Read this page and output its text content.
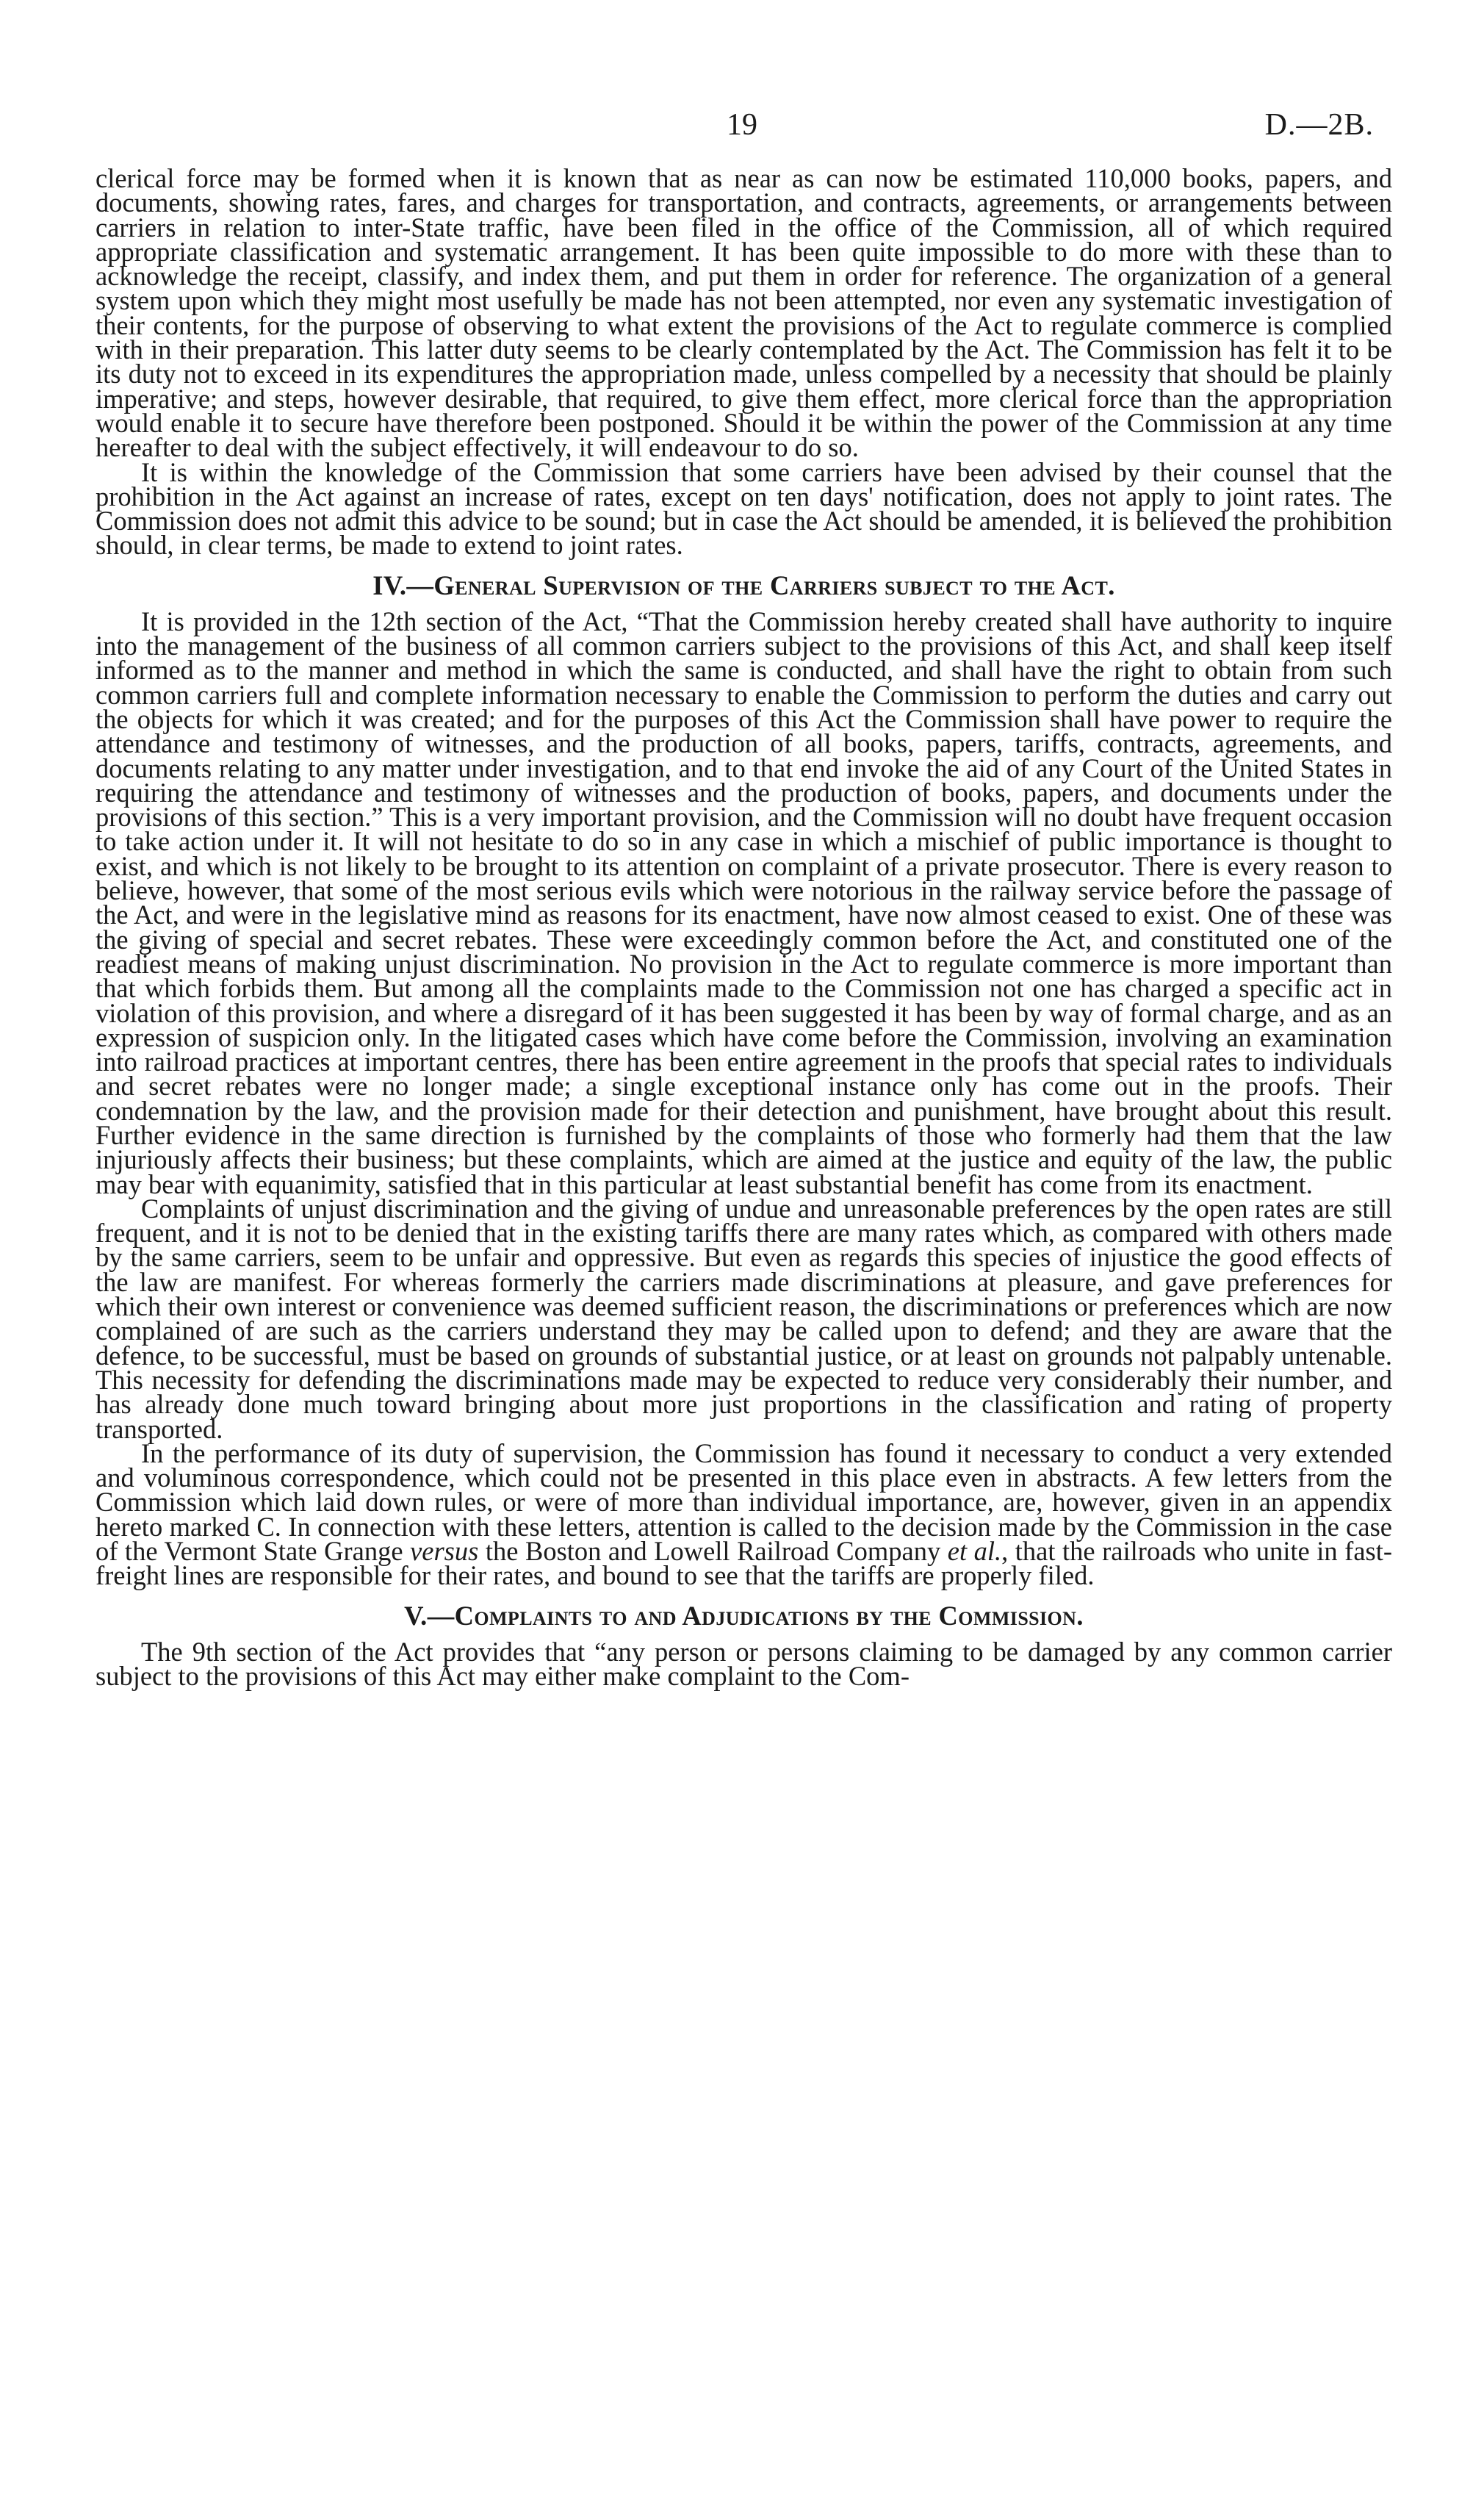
19	D.—2B.

clerical force may be formed when it is known that as near as can now be estimated 110,000 books, papers, and documents, showing rates, fares, and charges for transportation, and contracts, agreements, or arrangements between carriers in relation to inter-State traffic, have been filed in the office of the Commission, all of which required appropriate classification and systematic arrangement. It has been quite impossible to do more with these than to acknowledge the receipt, classify, and index them, and put them in order for reference. The organization of a general system upon which they might most usefully be made has not been attempted, nor even any systematic investigation of their contents, for the purpose of observing to what extent the provisions of the Act to regulate commerce is complied with in their preparation. This latter duty seems to be clearly contemplated by the Act. The Commission has felt it to be its duty not to exceed in its expenditures the appropriation made, unless compelled by a necessity that should be plainly imperative; and steps, however desirable, that required, to give them effect, more clerical force than the appropriation would enable it to secure have therefore been postponed. Should it be within the power of the Commission at any time hereafter to deal with the subject effectively, it will endeavour to do so.

It is within the knowledge of the Commission that some carriers have been advised by their counsel that the prohibition in the Act against an increase of rates, except on ten days' notification, does not apply to joint rates. The Commission does not admit this advice to be sound; but in case the Act should be amended, it is believed the prohibition should, in clear terms, be made to extend to joint rates.

IV.—General Supervision of the Carriers subject to the Act.

It is provided in the 12th section of the Act, “That the Commission hereby created shall have authority to inquire into the management of the business of all common carriers subject to the provisions of this Act, and shall keep itself informed as to the manner and method in which the same is conducted, and shall have the right to obtain from such common carriers full and complete information necessary to enable the Commission to perform the duties and carry out the objects for which it was created; and for the purposes of this Act the Commission shall have power to require the attendance and testimony of witnesses, and the production of all books, papers, tariffs, contracts, agreements, and documents relating to any matter under investigation, and to that end invoke the aid of any Court of the United States in requiring the attendance and testimony of witnesses and the production of books, papers, and documents under the provisions of this section.” This is a very important provision, and the Commission will no doubt have frequent occasion to take action under it. It will not hesitate to do so in any case in which a mischief of public importance is thought to exist, and which is not likely to be brought to its attention on complaint of a private prosecutor. There is every reason to believe, however, that some of the most serious evils which were notorious in the railway service before the passage of the Act, and were in the legislative mind as reasons for its enactment, have now almost ceased to exist. One of these was the giving of special and secret rebates. These were exceedingly common before the Act, and constituted one of the readiest means of making unjust discrimination. No provision in the Act to regulate commerce is more important than that which forbids them. But among all the complaints made to the Commission not one has charged a specific act in violation of this provision, and where a disregard of it has been suggested it has been by way of formal charge, and as an expression of suspicion only. In the litigated cases which have come before the Commission, involving an examination into railroad practices at important centres, there has been entire agreement in the proofs that special rates to individuals and secret rebates were no longer made; a single exceptional instance only has come out in the proofs. Their condemnation by the law, and the provision made for their detection and punishment, have brought about this result. Further evidence in the same direction is furnished by the complaints of those who formerly had them that the law injuriously affects their business; but these complaints, which are aimed at the justice and equity of the law, the public may bear with equanimity, satisfied that in this particular at least substantial benefit has come from its enactment.

Complaints of unjust discrimination and the giving of undue and unreasonable preferences by the open rates are still frequent, and it is not to be denied that in the existing tariffs there are many rates which, as compared with others made by the same carriers, seem to be unfair and oppressive. But even as regards this species of injustice the good effects of the law are manifest. For whereas formerly the carriers made discriminations at pleasure, and gave preferences for which their own interest or convenience was deemed sufficient reason, the discriminations or preferences which are now complained of are such as the carriers understand they may be called upon to defend; and they are aware that the defence, to be successful, must be based on grounds of substantial justice, or at least on grounds not palpably untenable. This necessity for defending the discriminations made may be expected to reduce very considerably their number, and has already done much toward bringing about more just proportions in the classification and rating of property transported.

In the performance of its duty of supervision, the Commission has found it necessary to conduct a very extended and voluminous correspondence, which could not be presented in this place even in abstracts. A few letters from the Commission which laid down rules, or were of more than individual importance, are, however, given in an appendix hereto marked C. In connection with these letters, attention is called to the decision made by the Commission in the case of the Vermont State Grange versus the Boston and Lowell Railroad Company et al., that the railroads who unite in fast-freight lines are responsible for their rates, and bound to see that the tariffs are properly filed.

V.—Complaints to and Adjudications by the Commission.

The 9th section of the Act provides that “any person or persons claiming to be damaged by any common carrier subject to the provisions of this Act may either make complaint to the Com-
